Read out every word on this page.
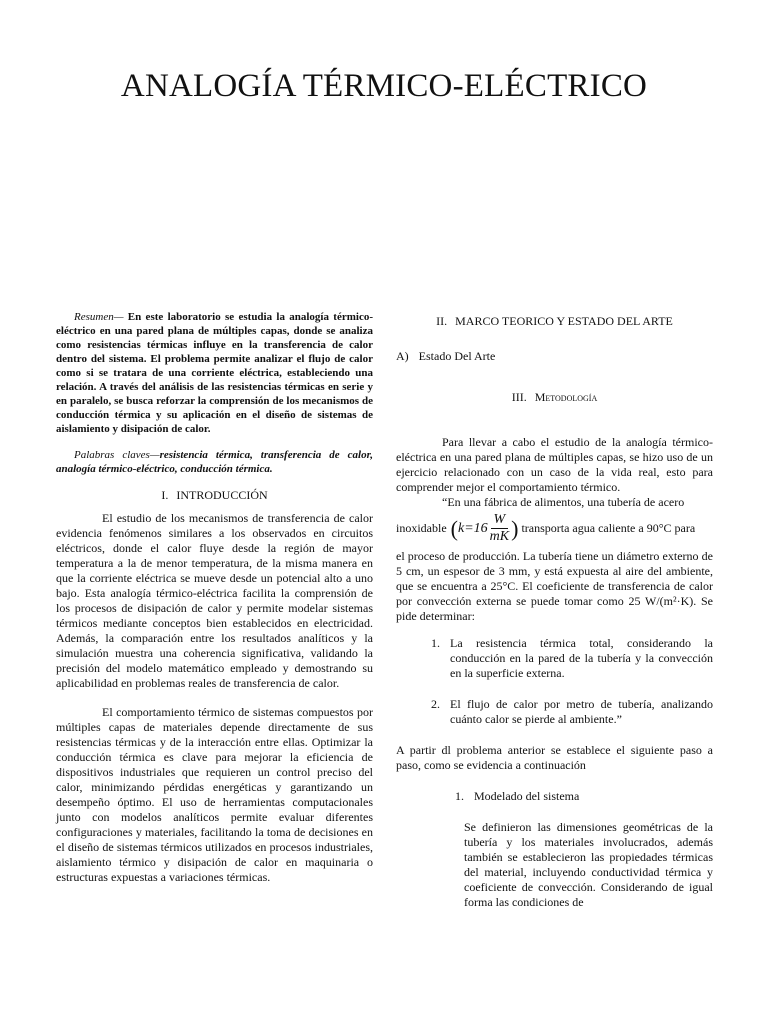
ANALOGÍA TÉRMICO-ELÉCTRICO

Resumen— En este laboratorio se estudia la analogía térmico-eléctrico en una pared plana de múltiples capas, donde se analiza como resistencias térmicas influye en la transferencia de calor dentro del sistema. El problema permite analizar el flujo de calor como si se tratara de una corriente eléctrica, estableciendo una relación. A través del análisis de las resistencias térmicas en serie y en paralelo, se busca reforzar la comprensión de los mecanismos de conducción térmica y su aplicación en el diseño de sistemas de aislamiento y disipación de calor.

Palabras claves—resistencia térmica, transferencia de calor, analogía térmico-eléctrico, conducción térmica.

I. INTRODUCCIÓN

El estudio de los mecanismos de transferencia de calor evidencia fenómenos similares a los observados en circuitos eléctricos, donde el calor fluye desde la región de mayor temperatura a la de menor temperatura, de la misma manera en que la corriente eléctrica se mueve desde un potencial alto a uno bajo. Esta analogía térmico-eléctrica facilita la comprensión de los procesos de disipación de calor y permite modelar sistemas térmicos mediante conceptos bien establecidos en electricidad. Además, la comparación entre los resultados analíticos y la simulación muestra una coherencia significativa, validando la precisión del modelo matemático empleado y demostrando su aplicabilidad en problemas reales de transferencia de calor.

El comportamiento térmico de sistemas compuestos por múltiples capas de materiales depende directamente de sus resistencias térmicas y de la interacción entre ellas. Optimizar la conducción térmica es clave para mejorar la eficiencia de dispositivos industriales que requieren un control preciso del calor, minimizando pérdidas energéticas y garantizando un desempeño óptimo. El uso de herramientas computacionales junto con modelos analíticos permite evaluar diferentes configuraciones y materiales, facilitando la toma de decisiones en el diseño de sistemas térmicos utilizados en procesos industriales, aislamiento térmico y disipación de calor en maquinaria o estructuras expuestas a variaciones térmicas.

II. MARCO TEORICO Y ESTADO DEL ARTE
A) Estado Del Arte
III. Metodología

Para llevar a cabo el estudio de la analogía térmico-eléctrica en una pared plana de múltiples capas, se hizo uso de un ejercicio relacionado con un caso de la vida real, esto para comprender mejor el comportamiento térmico.

“En una fábrica de alimentos, una tubería de acero

inoxidable ( $k=16 \frac{W}{mK}$ ) transporta agua caliente a 90°C para

el proceso de producción. La tubería tiene un diámetro externo de 5 cm, un espesor de 3 mm, y está expuesta al aire del ambiente, que se encuentra a 25°C. El coeficiente de transferencia de calor por convección externa se puede tomar como 25 W/(m²·K). Se pide determinar:

1. La resistencia térmica total, considerando la conducción en la pared de la tubería y la convección en la superficie externa.
2. El flujo de calor por metro de tubería, analizando cuánto calor se pierde al ambiente.”

A partir dl problema anterior se establece el siguiente paso a paso, como se evidencia a continuación

1. Modelado del sistema

Se definieron las dimensiones geométricas de la tubería y los materiales involucrados, además también se establecieron las propiedades térmicas del material, incluyendo conductividad térmica y coeficiente de convección. Considerando de igual forma las condiciones de
